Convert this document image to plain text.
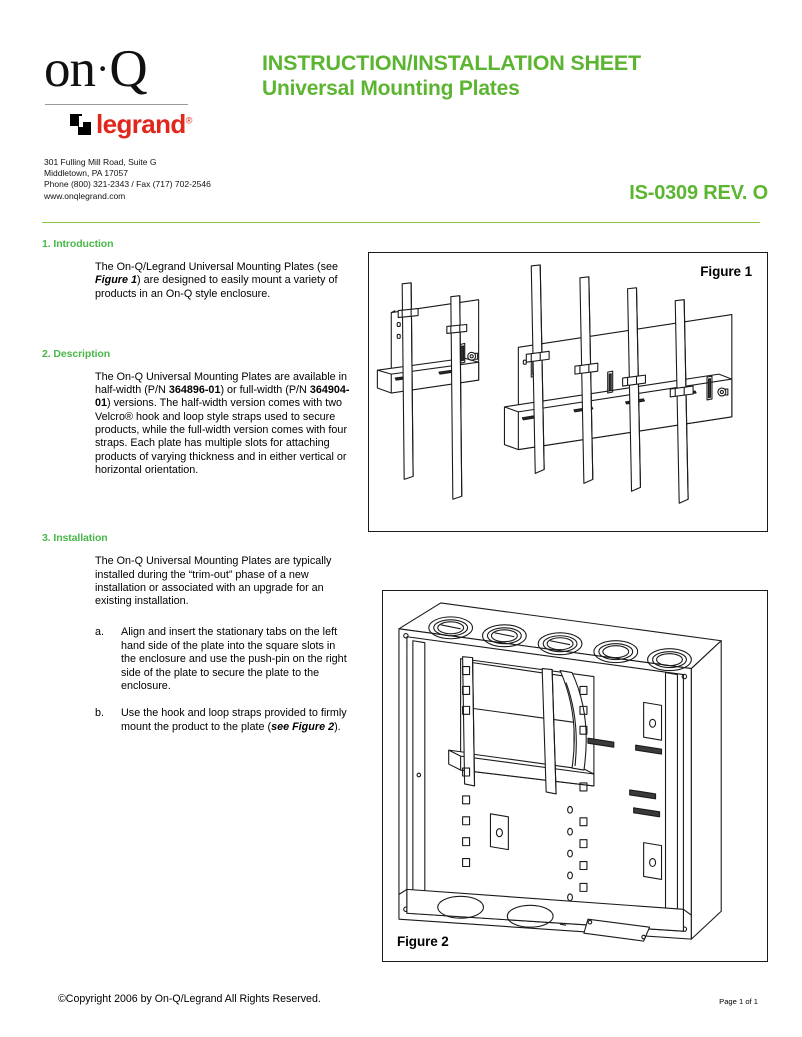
on·Q
legrand®
301 Fulling Mill Road, Suite G
Middletown, PA 17057
Phone (800) 321-2343 / Fax (717) 702-2546
www.onqlegrand.com
INSTRUCTION/INSTALLATION SHEET
Universal Mounting Plates
IS-0309 REV. O
1. Introduction

The On-Q/Legrand Universal Mounting Plates (see Figure 1) are designed to easily mount a variety of products in an On-Q style enclosure.

2. Description

The On-Q Universal Mounting Plates are available in half-width (P/N 364896-01) or full-width (P/N 364904-01) versions. The half-width version comes with two Velcro® hook and loop style straps used to secure products, while the full-width version comes with four straps. Each plate has multiple slots for attaching products of varying thickness and in either vertical or horizontal orientation.

3. Installation

The On-Q Universal Mounting Plates are typically installed during the “trim-out” phase of a new installation or associated with an upgrade for an existing installation.

a.	Align and insert the stationary tabs on the left hand side of the plate into the square slots in the enclosure and use the push-pin on the right side of the plate to secure the plate to the enclosure.
b.	Use the hook and loop straps provided to firmly mount the product to the plate (see Figure 2).
Figure 1
Figure 2
©Copyright 2006 by On-Q/Legrand All Rights Reserved.	Page 1 of 1
